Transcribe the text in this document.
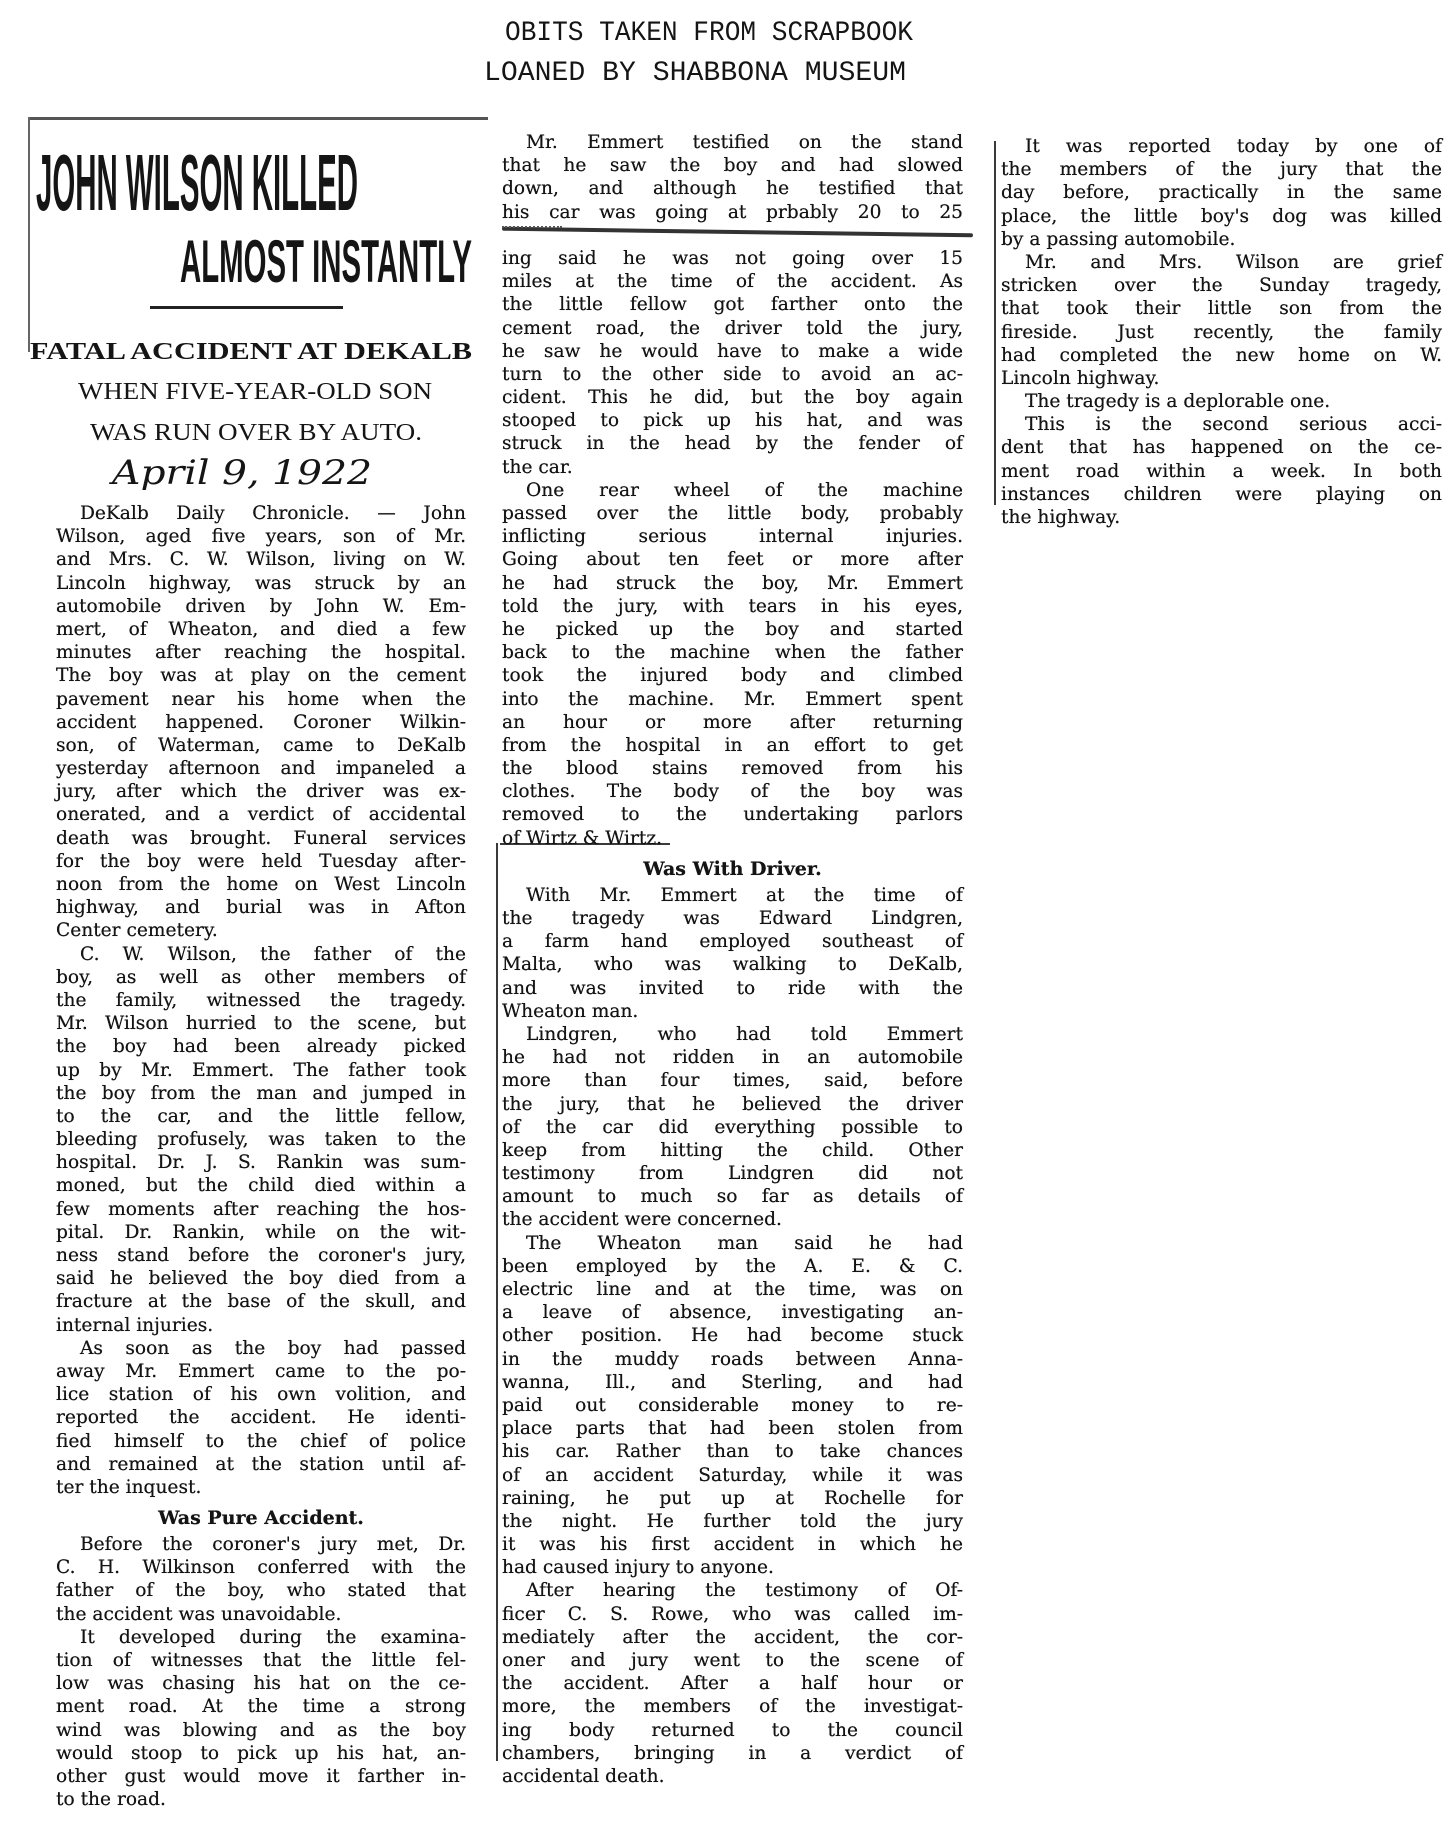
OBITS TAKEN FROM SCRAPBOOK
LOANED BY SHABBONA MUSEUM
JOHN WILSON KILLED
ALMOST INSTANTLY
FATAL ACCIDENT AT DEKALB
WHEN FIVE-YEAR-OLD SON
WAS RUN OVER BY AUTO.
April 9, 1922
DeKalb Daily Chronicle. — John
Wilson, aged five years, son of Mr.
and Mrs. C. W. Wilson, living on W.
Lincoln highway, was struck by an
automobile driven by John W. Em-
mert, of Wheaton, and died a few
minutes after reaching the hospital.
The boy was at play on the cement
pavement near his home when the
accident happened. Coroner Wilkin-
son, of Waterman, came to DeKalb
yesterday afternoon and impaneled a
jury, after which the driver was ex-
onerated, and a verdict of accidental
death was brought. Funeral services
for the boy were held Tuesday after-
noon from the home on West Lincoln
highway, and burial was in Afton
Center cemetery.
C. W. Wilson, the father of the
boy, as well as other members of
the family, witnessed the tragedy.
Mr. Wilson hurried to the scene, but
the boy had been already picked
up by Mr. Emmert. The father took
the boy from the man and jumped in
to the car, and the little fellow,
bleeding profusely, was taken to the
hospital. Dr. J. S. Rankin was sum-
moned, but the child died within a
few moments after reaching the hos-
pital. Dr. Rankin, while on the wit-
ness stand before the coroner's jury,
said he believed the boy died from a
fracture at the base of the skull, and
internal injuries.
As soon as the boy had passed
away Mr. Emmert came to the po-
lice station of his own volition, and
reported the accident. He identi-
fied himself to the chief of police
and remained at the station until af-
ter the inquest.
Was Pure Accident.
Before the coroner's jury met, Dr.
C. H. Wilkinson conferred with the
father of the boy, who stated that
the accident was unavoidable.
It developed during the examina-
tion of witnesses that the little fel-
low was chasing his hat on the ce-
ment road. At the time a strong
wind was blowing and as the boy
would stoop to pick up his hat, an-
other gust would move it farther in-
to the road.
Mr. Emmert testified on the stand
that he saw the boy and had slowed
down, and although he testified that
his car was going at prbably 20 to 25
ing said he was not going over 15
miles at the time of the accident. As
the little fellow got farther onto the
cement road, the driver told the jury,
he saw he would have to make a wide
turn to the other side to avoid an ac-
cident. This he did, but the boy again
stooped to pick up his hat, and was
struck in the head by the fender of
the car.
One rear wheel of the machine
passed over the little body, probably
inflicting serious internal injuries.
Going about ten feet or more after
he had struck the boy, Mr. Emmert
told the jury, with tears in his eyes,
he picked up the boy and started
back to the machine when the father
took the injured body and climbed
into the machine. Mr. Emmert spent
an hour or more after returning
from the hospital in an effort to get
the blood stains removed from his
clothes. The body of the boy was
removed to the undertaking parlors
of Wirtz & Wirtz.
Was With Driver.
With Mr. Emmert at the time of
the tragedy was Edward Lindgren,
a farm hand employed southeast of
Malta, who was walking to DeKalb,
and was invited to ride with the
Wheaton man.
Lindgren, who had told Emmert
he had not ridden in an automobile
more than four times, said, before
the jury, that he believed the driver
of the car did everything possible to
keep from hitting the child. Other
testimony from Lindgren did not
amount to much so far as details of
the accident were concerned.
The Wheaton man said he had
been employed by the A. E. & C.
electric line and at the time, was on
a leave of absence, investigating an-
other position. He had become stuck
in the muddy roads between Anna-
wanna, Ill., and Sterling, and had
paid out considerable money to re-
place parts that had been stolen from
his car. Rather than to take chances
of an accident Saturday, while it was
raining, he put up at Rochelle for
the night. He further told the jury
it was his first accident in which he
had caused injury to anyone.
After hearing the testimony of Of-
ficer C. S. Rowe, who was called im-
mediately after the accident, the cor-
oner and jury went to the scene of
the accident. After a half hour or
more, the members of the investigat-
ing body returned to the council
chambers, bringing in a verdict of
accidental death.
It was reported today by one of
the members of the jury that the
day before, practically in the same
place, the little boy's dog was killed
by a passing automobile.
Mr. and Mrs. Wilson are grief
stricken over the Sunday tragedy,
that took their little son from the
fireside. Just recently, the family
had completed the new home on W.
Lincoln highway.
The tragedy is a deplorable one.
This is the second serious acci-
dent that has happened on the ce-
ment road within a week. In both
instances children were playing on
the highway.
